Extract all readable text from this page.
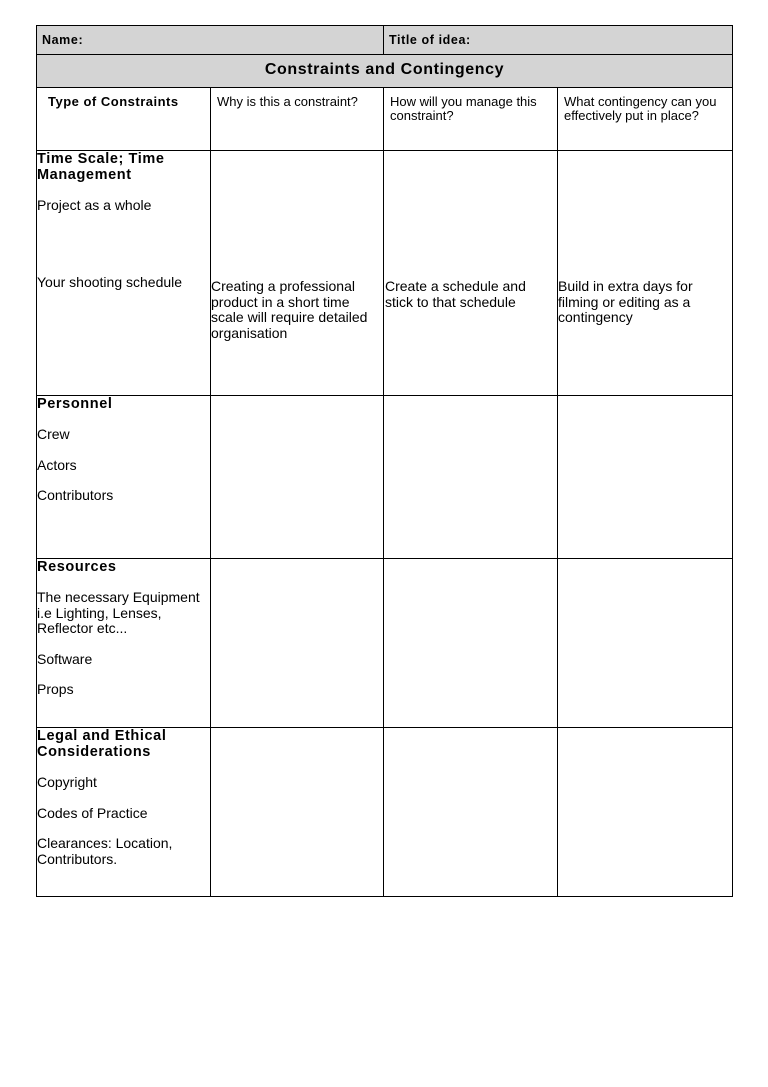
Name:		Title of idea:	

Constraints and Contingency			

Type of Constraints	Why is this a constraint?	How will you manage this constraint?	What contingency can you effectively put in place?

Time Scale; Time Management
Project as a whole
Your shooting schedule	Creating a professional product in a short time scale will require detailed organisation	Create a schedule and stick to that schedule	Build in extra days for filming or editing as a contingency

Personnel
Crew
Actors
Contributors			

Resources
The necessary Equipment i.e Lighting, Lenses, Reflector etc...
Software
Props			

Legal and Ethical Considerations
Copyright
Codes of Practice
Clearances: Location, Contributors.			
